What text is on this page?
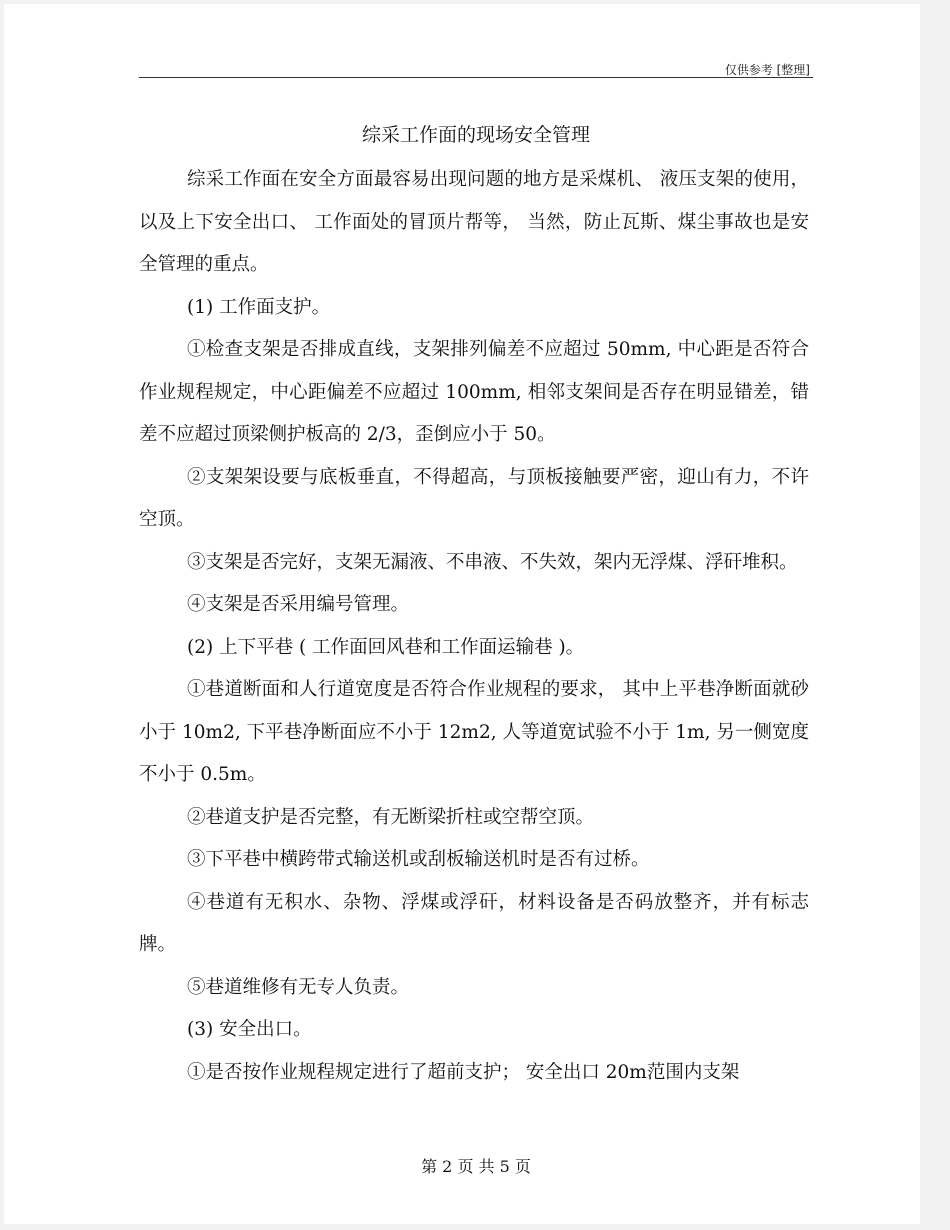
仅供参考 [整理]
综采工作面的现场安全管理

综采工作面在安全方面最容易出现问题的地方是采煤机、 液压支架的使用，以及上下安全出口、 工作面处的冒顶片帮等， 当然，防止瓦斯、煤尘事故也是安全管理的重点。

(1) 工作面支护。

①检查支架是否排成直线，支架排列偏差不应超过 50mm, 中心距是否符合作业规程规定，中心距偏差不应超过 100mm, 相邻支架间是否存在明显错差，错差不应超过顶梁侧护板高的 2/3，歪倒应小于 50。

②支架架设要与底板垂直，不得超高，与顶板接触要严密，迎山有力，不许空顶。

③支架是否完好，支架无漏液、不串液、不失效，架内无浮煤、浮矸堆积。

④支架是否采用编号管理。

(2) 上下平巷 ( 工作面回风巷和工作面运输巷 )。

①巷道断面和人行道宽度是否符合作业规程的要求， 其中上平巷净断面就砂小于 10m2, 下平巷净断面应不小于 12m2, 人等道宽试验不小于 1m, 另一侧宽度不小于 0.5m。

②巷道支护是否完整，有无断梁折柱或空帮空顶。

③下平巷中横跨带式输送机或刮板输送机时是否有过桥。

④巷道有无积水、杂物、浮煤或浮矸，材料设备是否码放整齐，并有标志牌。

⑤巷道维修有无专人负责。

(3) 安全出口。

①是否按作业规程规定进行了超前支护； 安全出口 20m范围内支架

第 2 页 共 5 页
